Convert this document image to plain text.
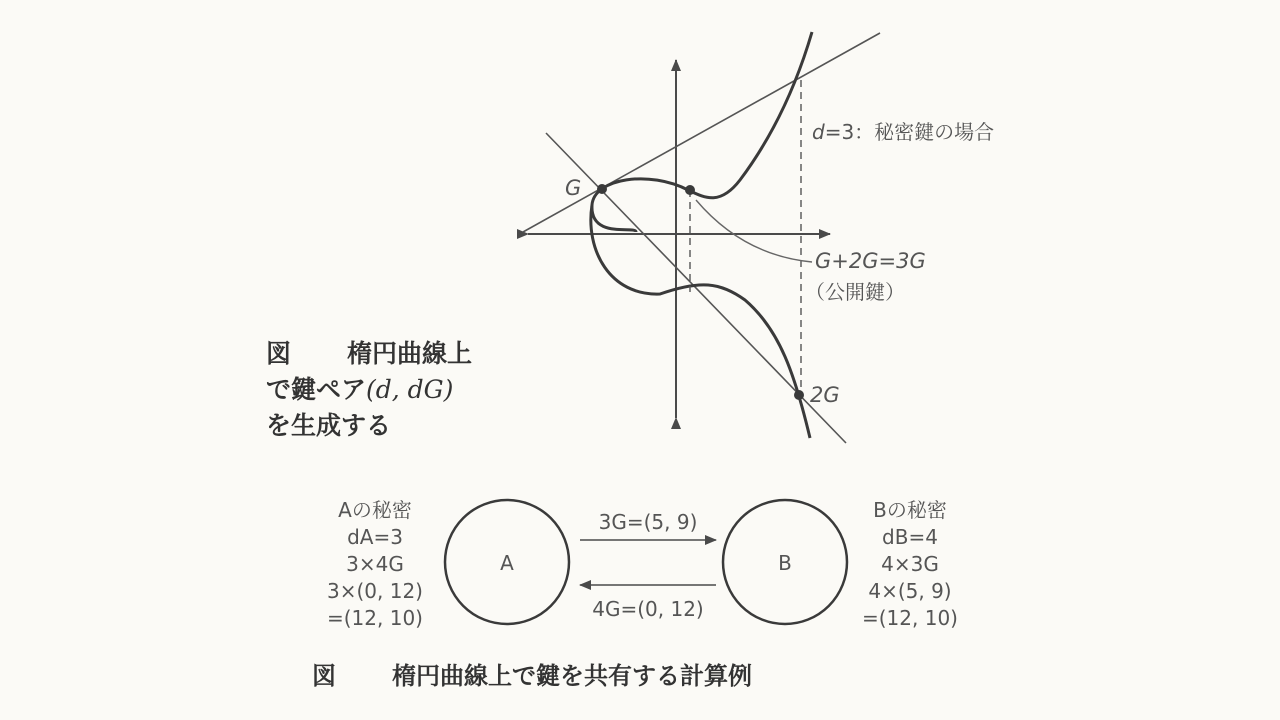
G
d=3：秘密鍵の場合
G+2G=3G
（公開鍵）
2G
A	B
3G=(5, 9)
4G=(0, 12)
図 楕円曲線上
で鍵ペア(d, dG)
を生成する
Aの秘密
dA=3
3×4G
3×(0, 12)
=(12, 10)
Bの秘密
dB=4
4×3G
4×(5, 9)
=(12, 10)
図 楕円曲線上で鍵を共有する計算例
